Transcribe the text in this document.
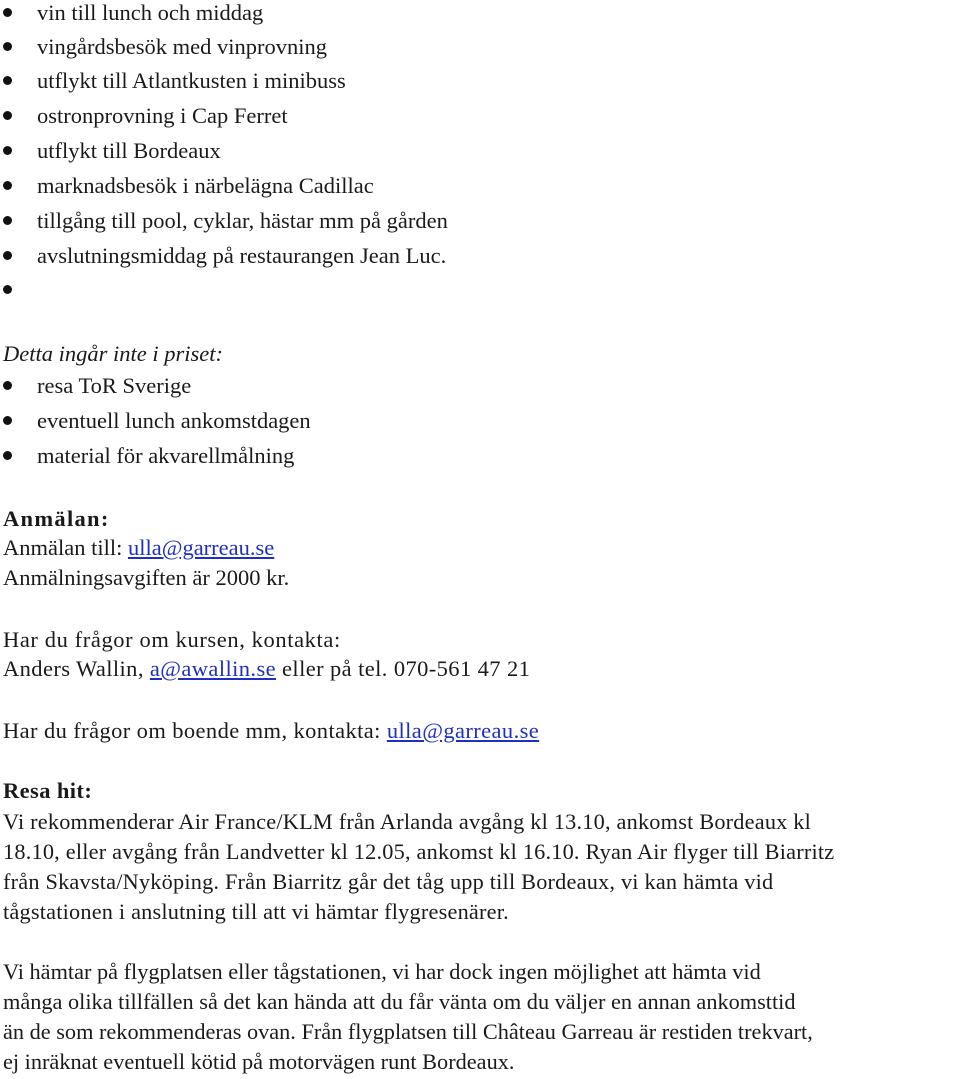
vin till lunch och middag
vingårdsbesök med vinprovning
utflykt till Atlantkusten i minibuss
ostronprovning i Cap Ferret
utflykt till Bordeaux
marknadsbesök i närbelägna Cadillac
tillgång till pool, cyklar, hästar mm på gården
avslutningsmiddag på restaurangen Jean Luc.
Detta ingår inte i priset:
resa ToR Sverige
eventuell lunch ankomstdagen
material för akvarellmålning
Anmälan:
Anmälan till: ulla@garreau.se
Anmälningsavgiften är 2000 kr.
Har du frågor om kursen, kontakta:
Anders Wallin, a@awallin.se eller på tel. 070-561 47 21
Har du frågor om boende mm, kontakta: ulla@garreau.se
Resa hit:
Vi rekommenderar Air France/KLM från Arlanda avgång kl 13.10, ankomst Bordeaux kl
18.10, eller avgång från Landvetter kl 12.05, ankomst kl 16.10. Ryan Air flyger till Biarritz
från Skavsta/Nyköping. Från Biarritz går det tåg upp till Bordeaux, vi kan hämta vid
tågstationen i anslutning till att vi hämtar flygresenärer.
Vi hämtar på flygplatsen eller tågstationen, vi har dock ingen möjlighet att hämta vid
många olika tillfällen så det kan hända att du får vänta om du väljer en annan ankomsttid
än de som rekommenderas ovan. Från flygplatsen till Château Garreau är restiden trekvart,
ej inräknat eventuell kötid på motorvägen runt Bordeaux.
